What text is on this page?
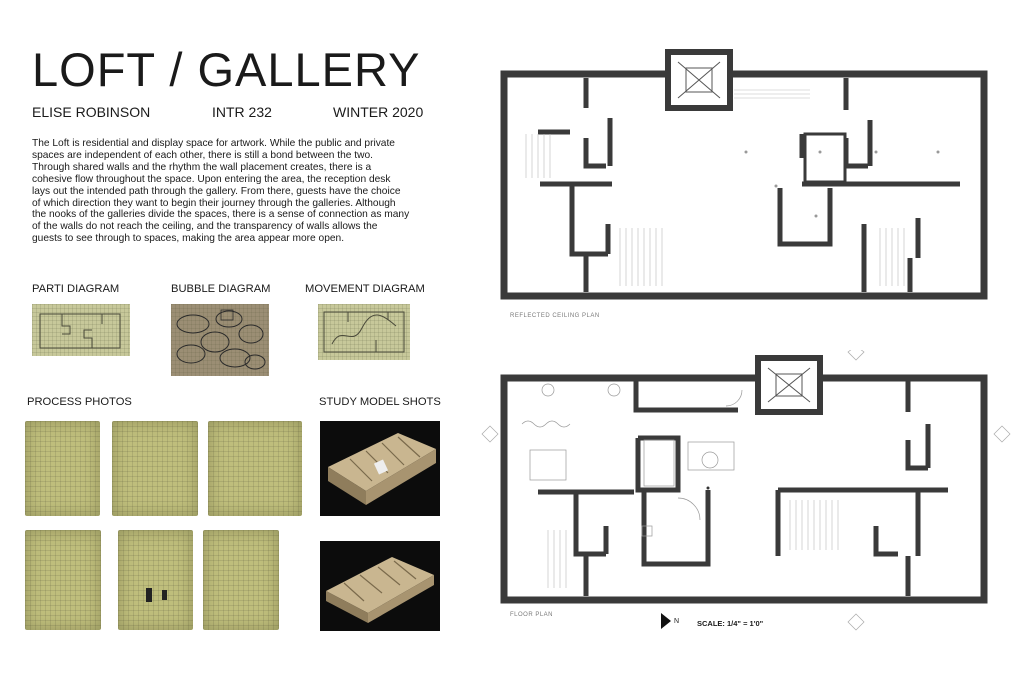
LOFT / GALLERY
ELISE ROBINSON	INTR 232	WINTER 2020
The Loft is residential and display space for artwork. While the public and private spaces are independent of each other, there is still a bond between the two. Through shared walls and the rhythm the wall placement creates, there is a cohesive flow throughout the space. Upon entering the area, the reception desk lays out the intended path through the gallery. From there, guests have the choice of which direction they want to begin their journey through the galleries. Although the nooks of the galleries divide the spaces, there is a sense of connection as many of the walls do not reach the ceiling, and the transparency of walls allows the guests to see through to spaces, making the area appear more open.
PARTI DIAGRAM	BUBBLE DIAGRAM	MOVEMENT DIAGRAM
PROCESS PHOTOS	STUDY MODEL SHOTS
REFLECTED CEILING PLAN
FLOOR PLAN
N SCALE: 1/4" = 1'0"
